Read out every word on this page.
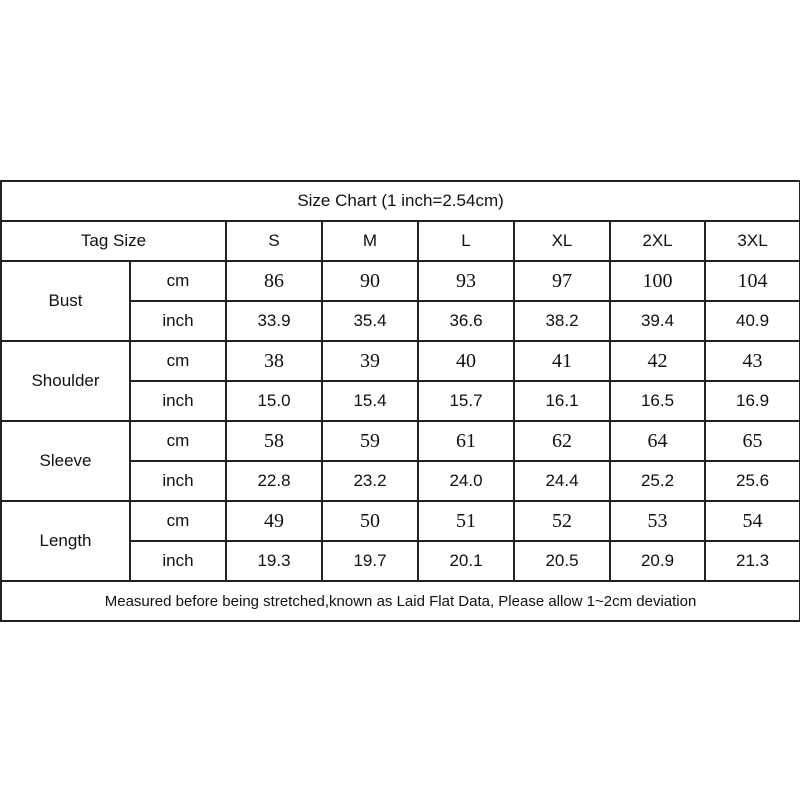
Size Chart (1 inch=2.54cm)							
Tag Size		S	M	L	XL	2XL	3XL
Bust	cm	86	90	93	97	100	104
	inch	33.9	35.4	36.6	38.2	39.4	40.9
Shoulder	cm	38	39	40	41	42	43
	inch	15.0	15.4	15.7	16.1	16.5	16.9
Sleeve	cm	58	59	61	62	64	65
	inch	22.8	23.2	24.0	24.4	25.2	25.6
Length	cm	49	50	51	52	53	54
	inch	19.3	19.7	20.1	20.5	20.9	21.3
Measured before being stretched,known as Laid Flat Data, Please allow 1~2cm deviation							
